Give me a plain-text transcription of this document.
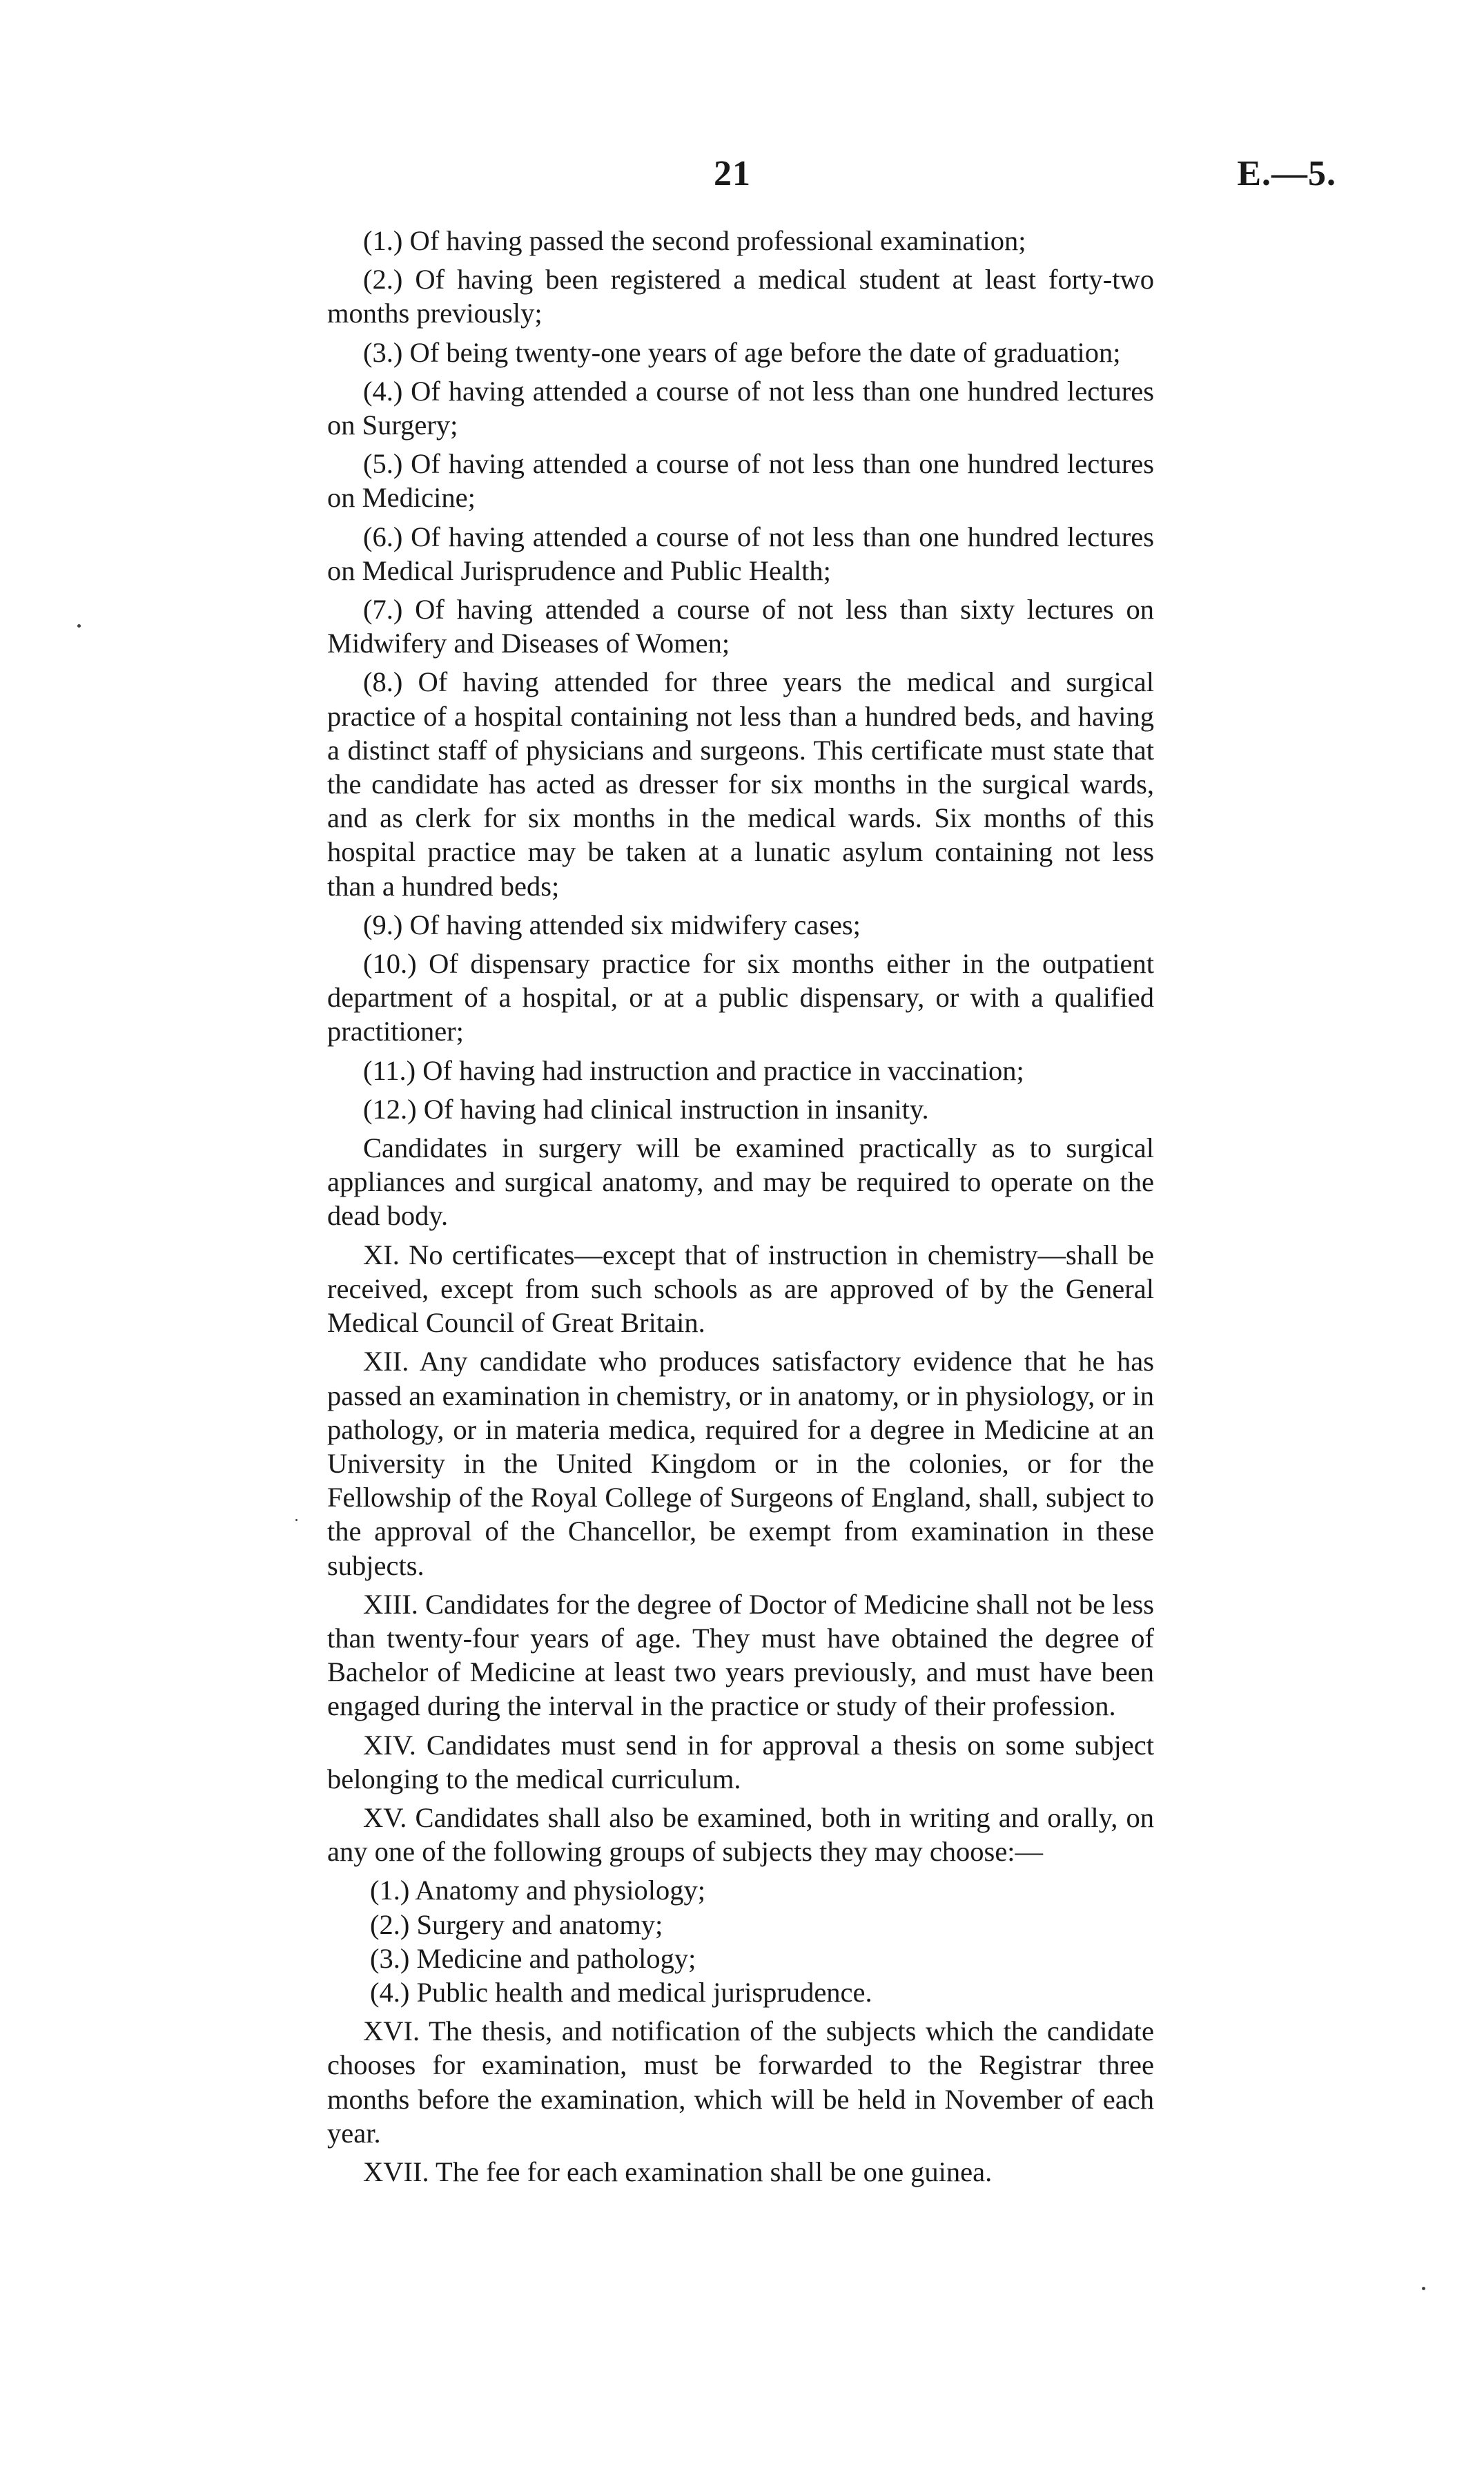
21	E.—5.

(1.) Of having passed the second professional examination;

(2.) Of having been registered a medical student at least forty-two months previously;

(3.) Of being twenty-one years of age before the date of graduation;

(4.) Of having attended a course of not less than one hundred lectures on Surgery;

(5.) Of having attended a course of not less than one hundred lectures on Medicine;

(6.) Of having attended a course of not less than one hundred lectures on Medical Jurisprudence and Public Health;

(7.) Of having attended a course of not less than sixty lectures on Midwifery and Diseases of Women;

(8.) Of having attended for three years the medical and surgical practice of a hospital containing not less than a hundred beds, and having a distinct staff of physicians and surgeons. This certificate must state that the candidate has acted as dresser for six months in the surgical wards, and as clerk for six months in the medical wards. Six months of this hospital practice may be taken at a lunatic asylum containing not less than a hundred beds;

(9.) Of having attended six midwifery cases;

(10.) Of dispensary practice for six months either in the outpatient department of a hospital, or at a public dispensary, or with a qualified practitioner;

(11.) Of having had instruction and practice in vaccination;

(12.) Of having had clinical instruction in insanity.

Candidates in surgery will be examined practically as to surgical appliances and surgical anatomy, and may be required to operate on the dead body.

XI. No certificates—except that of instruction in chemistry—shall be received, except from such schools as are approved of by the General Medical Council of Great Britain.

XII. Any candidate who produces satisfactory evidence that he has passed an examination in chemistry, or in anatomy, or in physiology, or in pathology, or in materia medica, required for a degree in Medicine at an University in the United Kingdom or in the colonies, or for the Fellowship of the Royal College of Surgeons of England, shall, subject to the approval of the Chancellor, be exempt from examination in these subjects.

XIII. Candidates for the degree of Doctor of Medicine shall not be less than twenty-four years of age. They must have obtained the degree of Bachelor of Medicine at least two years previously, and must have been engaged during the interval in the practice or study of their profession.

XIV. Candidates must send in for approval a thesis on some subject belonging to the medical curriculum.

XV. Candidates shall also be examined, both in writing and orally, on any one of the following groups of subjects they may choose:—

(1.) Anatomy and physiology;

(2.) Surgery and anatomy;

(3.) Medicine and pathology;

(4.) Public health and medical jurisprudence.

XVI. The thesis, and notification of the subjects which the candidate chooses for examination, must be forwarded to the Registrar three months before the examination, which will be held in November of each year.

XVII. The fee for each examination shall be one guinea.
